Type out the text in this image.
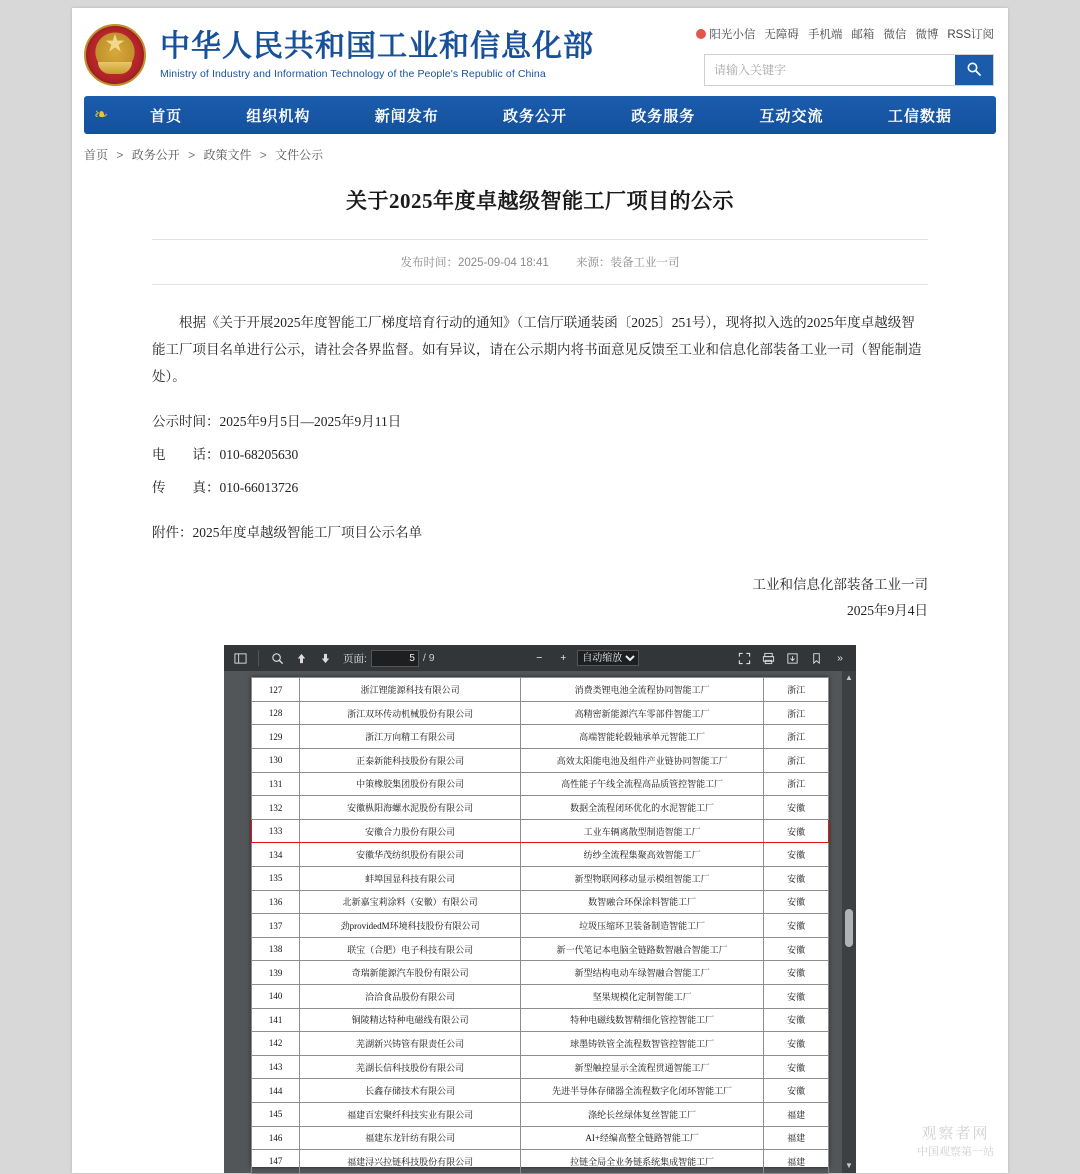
★
中华人民共和国工业和信息化部
Ministry of Industry and Information Technology of the People's Republic of China
阳光小信 无障碍 手机端 邮箱 微信 微博 RSS订阅
请输入关键字
❧	首页	组织机构	新闻发布	政务公开	政务服务	互动交流	工信数据
首页 > 政务公开 > 政策文件 > 文件公示
关于2025年度卓越级智能工厂项目的公示
发布时间：2025-09-04 18:41 来源：装备工业一司

根据《关于开展2025年度智能工厂梯度培育行动的通知》（工信厅联通装函〔2025〕251号），现将拟入选的2025年度卓越级智能工厂项目名单进行公示，请社会各界监督。如有异议，请在公示期内将书面意见反馈至工业和信息化部装备工业一司（智能制造处）。

公示时间：2025年9月5日—2025年9月11日

电　　话：010-68205630

传　　真：010-66013726

附件：2025年度卓越级智能工厂项目公示名单

工业和信息化部装备工业一司
2025年9月4日
页面:
5	/ 9	−	+
自动缩放	»
127	浙江锂能源科技有限公司	消费类锂电池全流程协同智能工厂	浙江
128	浙江双环传动机械股份有限公司	高精密新能源汽车零部件智能工厂	浙江
129	浙江万向精工有限公司	高端智能轮毂轴承单元智能工厂	浙江
130	正泰新能科技股份有限公司	高效太阳能电池及组件产业链协同智能工厂	浙江
131	中策橡胶集团股份有限公司	高性能子午线全流程高品质管控智能工厂	浙江
132	安徽枞阳海螺水泥股份有限公司	数据全流程闭环优化的水泥智能工厂	安徽
133	安徽合力股份有限公司	工业车辆离散型制造智能工厂	安徽
134	安徽华茂纺织股份有限公司	纺纱全流程集聚高效智能工厂	安徽
135	蚌埠国显科技有限公司	新型物联网移动显示模组智能工厂	安徽
136	北新嘉宝莉涂料（安徽）有限公司	数智融合环保涂料智能工厂	安徽
137	劲providedM环境科技股份有限公司	垃圾压缩环卫装备制造智能工厂	安徽
138	联宝（合肥）电子科技有限公司	新一代笔记本电脑全链路数智融合智能工厂	安徽
139	奇瑞新能源汽车股份有限公司	新型结构电动车绿智融合智能工厂	安徽
140	洽洽食品股份有限公司	坚果规模化定制智能工厂	安徽
141	铜陵精达特种电磁线有限公司	特种电磁线数智精细化管控智能工厂	安徽
142	芜湖新兴铸管有限责任公司	球墨铸铁管全流程数智管控智能工厂	安徽
143	芜湖长信科技股份有限公司	新型触控显示全流程贯通智能工厂	安徽
144	长鑫存储技术有限公司	先进半导体存储器全流程数字化闭环智能工厂	安徽
145	福建百宏聚纤科技实业有限公司	涤纶长丝绿体复丝智能工厂	福建
146	福建东龙针纺有限公司	AI+经编高整全链路智能工厂	福建
147	福建浔兴拉链科技股份有限公司	拉链全局全业务链系统集成智能工厂	福建
▲
▼
观察者网
中国观察第一站
